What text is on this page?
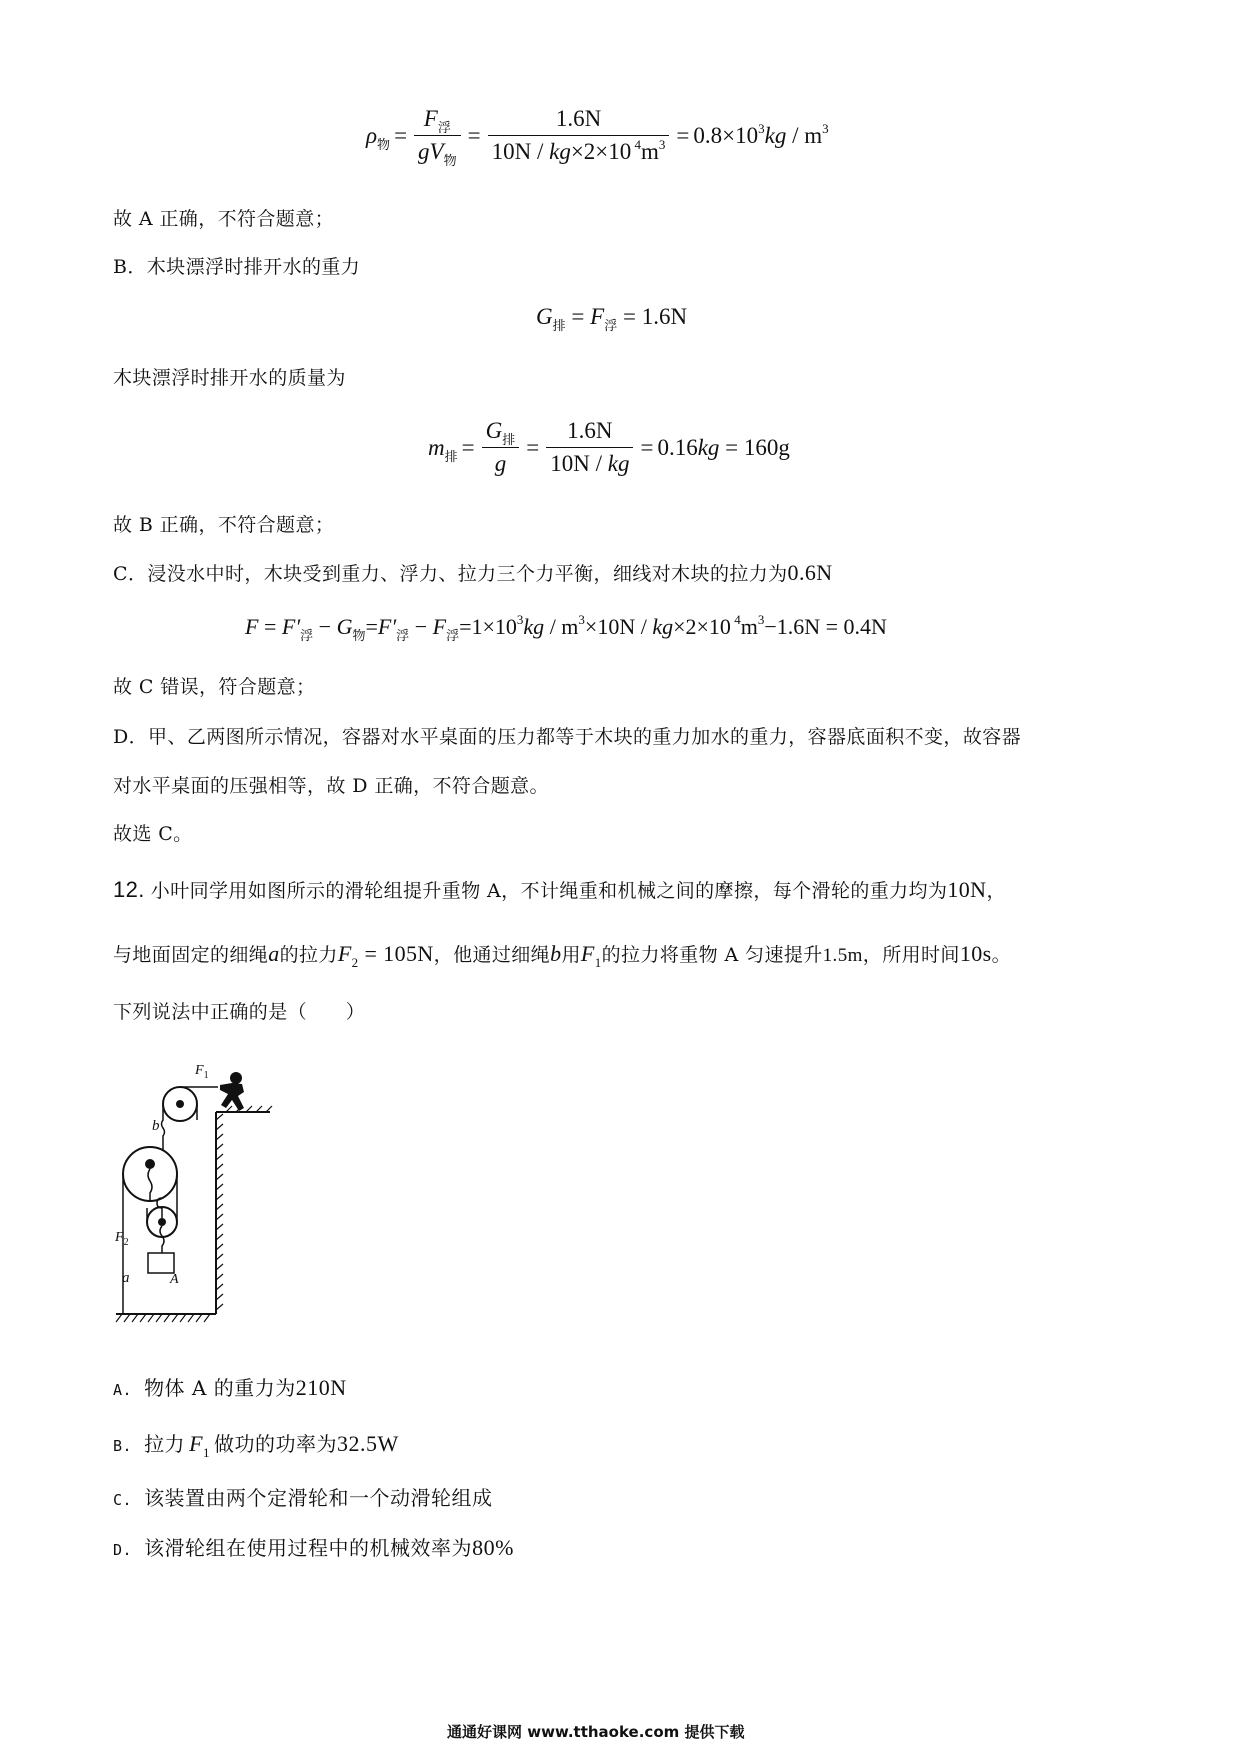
$\rho_物 = \frac{F_浮}{gV_物} = \frac{1.6N}{10N / kg\times 2\times 10 ^4m^3} = 0.8\times 10^3kg / m^3$
故 A 正确，不符合题意；
B．木块漂浮时排开水的重力
$G_排 = F_浮 = 1.6N$
木块漂浮时排开水的质量为
$m_排 = \frac{G_排}{g} = \frac{1.6N}{10N / kg} = 0.16kg = 160g$
故 B 正确，不符合题意；
C．浸没水中时，木块受到重力、浮力、拉力三个力平衡，细线对木块的拉力为0.6N
$F = F'_浮 - G_物=F'_浮 - F_浮=1\times 10^3kg / m^3\times 10N / kg\times 2\times 10$ $^4m^3-1.6N = 0.4N$
故 C 错误，符合题意；
D．甲、乙两图所示情况，容器对水平桌面的压力都等于木块的重力加水的重力，容器底面积不变，故容器
对水平桌面的压强相等，故 D 正确，不符合题意。
故选 C。
12. 小叶同学用如图所示的滑轮组提升重物 A，不计绳重和机械之间的摩擦，每个滑轮的重力均为10N，
与地面固定的细绳a的拉力$F_2 = 105N$，他通过细绳b用$F_1$的拉力将重物 A 匀速提升1.5m，所用时间10s。
下列说法中正确的是（　　）
$F_1$
b
$F_2$
a	A
A. 物体 A 的重力为210N
B. 拉力 $F_1$ 做功的功率为32.5W
C. 该装置由两个定滑轮和一个动滑轮组成
D. 该滑轮组在使用过程中的机械效率为80%
通通好课网 www.tthaoke.com 提供下载
